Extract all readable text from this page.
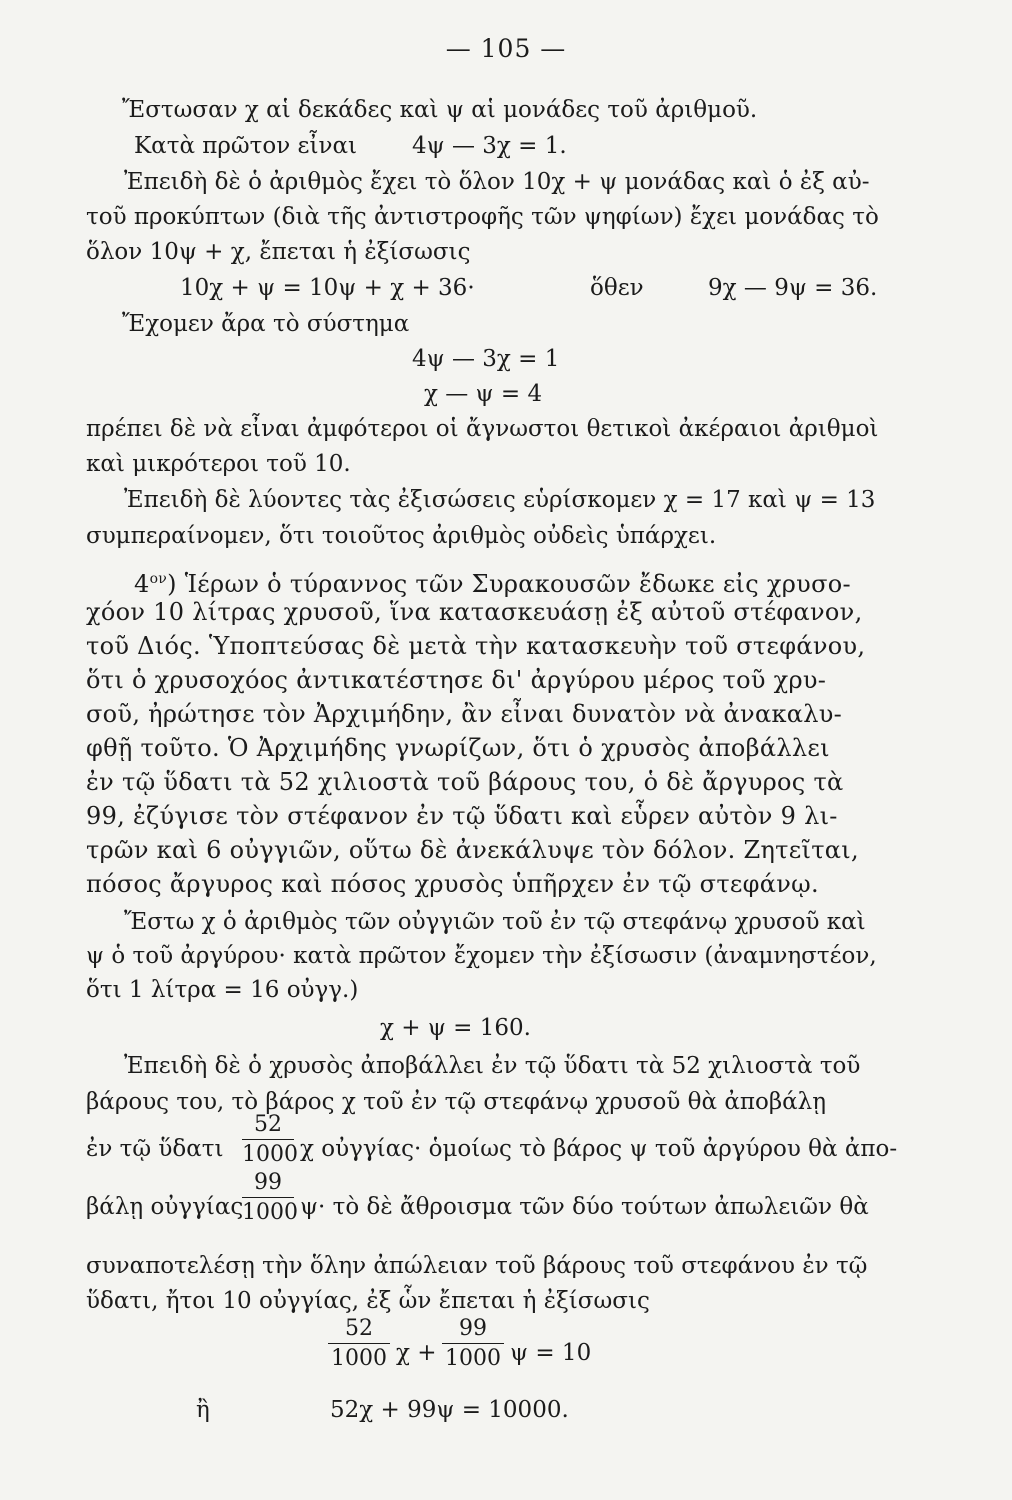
— 105 —
Ἔστωσαν χ αἱ δεκάδες καὶ ψ αἱ μονάδες τοῦ ἀριθμοῦ.
Κατὰ πρῶτον εἶναι 4ψ — 3χ = 1.
Ἐπειδὴ δὲ ὁ ἀριθμὸς ἔχει τὸ ὅλον 10χ + ψ μονάδας καὶ ὁ ἐξ αὐ-
τοῦ προκύπτων (διὰ τῆς ἀντιστροφῆς τῶν ψηφίων) ἔχει μονάδας τὸ
ὅλον 10ψ + χ, ἔπεται ἡ ἐξίσωσις
10χ + ψ = 10ψ + χ + 36·	ὅθεν	9χ — 9ψ = 36.
Ἔχομεν ἄρα τὸ σύστημα
4ψ — 3χ = 1
χ — ψ = 4
πρέπει δὲ νὰ εἶναι ἀμφότεροι οἱ ἄγνωστοι θετικοὶ ἀκέραιοι ἀριθμοὶ
καὶ μικρότεροι τοῦ 10.
Ἐπειδὴ δὲ λύοντες τὰς ἐξισώσεις εὑρίσκομεν χ = 17 καὶ ψ = 13
συμπεραίνομεν, ὅτι τοιοῦτος ἀριθμὸς οὐδεὶς ὑπάρχει.
$4^{o\nu}$) Ἱέρων ὁ τύραννος τῶν Συρακουσῶν ἔδωκε εἰς χρυσο-
χόον 10 λίτρας χρυσοῦ, ἵνα κατασκευάσῃ ἐξ αὐτοῦ στέφανον,
τοῦ Διός. Ὑποπτεύσας δὲ μετὰ τὴν κατασκευὴν τοῦ στεφάνου,
ὅτι ὁ χρυσοχόος ἀντικατέστησε δι' ἀργύρου μέρος τοῦ χρυ-
σοῦ, ἠρώτησε τὸν Ἀρχιμήδην, ἂν εἶναι δυνατὸν νὰ ἀνακαλυ-
φθῇ τοῦτο. Ὁ Ἀρχιμήδης γνωρίζων, ὅτι ὁ χρυσὸς ἀποβάλλει
ἐν τῷ ὕδατι τὰ 52 χιλιοστὰ τοῦ βάρους του, ὁ δὲ ἄργυρος τὰ
99, ἐζύγισε τὸν στέφανον ἐν τῷ ὕδατι καὶ εὗρεν αὐτὸν 9 λι-
τρῶν καὶ 6 οὐγγιῶν, οὕτω δὲ ἀνεκάλυψε τὸν δόλον. Ζητεῖται,
πόσος ἄργυρος καὶ πόσος χρυσὸς ὑπῆρχεν ἐν τῷ στεφάνῳ.
Ἔστω χ ὁ ἀριθμὸς τῶν οὐγγιῶν τοῦ ἐν τῷ στεφάνῳ χρυσοῦ καὶ
ψ ὁ τοῦ ἀργύρου· κατὰ πρῶτον ἔχομεν τὴν ἐξίσωσιν (ἀναμνηστέον,
ὅτι 1 λίτρα = 16 οὐγγ.)
χ + ψ = 160.
Ἐπειδὴ δὲ ὁ χρυσὸς ἀποβάλλει ἐν τῷ ὕδατι τὰ 52 χιλιοστὰ τοῦ
βάρους του, τὸ βάρος χ τοῦ ἐν τῷ στεφάνῳ χρυσοῦ θὰ ἀποβάλῃ
ἐν τῷ ὕδατι
52
1000 χ οὐγγίας· ὁμοίως τὸ βάρος ψ τοῦ ἀργύρου θὰ ἀπο-
βάλῃ οὐγγίας
99
1000 ψ· τὸ δὲ ἄθροισμα τῶν δύο τούτων ἀπωλειῶν θὰ
συναποτελέσῃ τὴν ὅλην ἀπώλειαν τοῦ βάρους τοῦ στεφάνου ἐν τῷ
ὕδατι, ἤτοι 10 οὐγγίας, ἐξ ὧν ἔπεται ἡ ἐξίσωσις
52
1000 χ +
99
1000 ψ = 10
ἢ	52χ + 99ψ = 10000.
